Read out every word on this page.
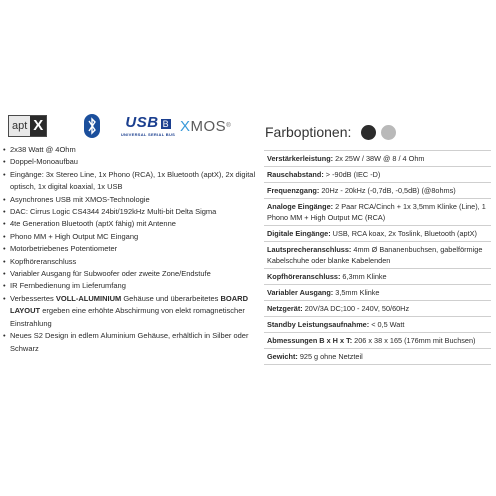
apt X	USB B
UNIVERSAL SERIAL BUS X MOS ®
• 2x38 Watt @ 4Ohm
• Doppel-Monoaufbau
• Eingänge: 3x Stereo Line, 1x Phono (RCA), 1x Bluetooth (aptX), 2x digital optisch, 1x digital koaxial, 1x USB
• Asynchrones USB mit XMOS-Technologie
• DAC: Cirrus Logic CS4344 24bit/192kHz Multi-bit Delta Sigma
• 4te Generation Bluetooth (aptX fähig) mit Antenne
• Phono MM + High Output MC Eingang
• Motorbetriebenes Potentiometer
• Kopfhöreranschluss
• Variabler Ausgang für Subwoofer oder zweite Zone/Endstufe
• IR Fernbedienung im Lieferumfang
• Verbessertes VOLL-ALUMINIUM Gehäuse und überarbeitetes BOARD LAYOUT ergeben eine erhöhte Abschirmung von elekt romagnetischer Einstrahlung
• Neues S2 Design in edlem Aluminium Gehäuse, erhältlich in Silber oder Schwarz
Farboptionen:
Verstärkerleistung: 2x 25W / 38W @ 8 / 4 Ohm
Rauschabstand: > -90dB (IEC -D)
Frequenzgang: 20Hz - 20kHz (-0,7dB, -0,5dB) (@8ohms)
Analoge Eingänge: 2 Paar RCA/Cinch + 1x 3,5mm Klinke (Line), 1 Phono MM + High Output MC (RCA)
Digitale Eingänge: USB, RCA koax, 2x Toslink, Bluetooth (aptX)
Lautsprecheranschluss: 4mm Ø Bananenbuchsen, gabelförmige Kabelschuhe oder blanke Kabelenden
Kopfhöreranschluss: 6,3mm Klinke
Variabler Ausgang: 3,5mm Klinke
Netzgerät: 20V/3A DC;100 - 240V, 50/60Hz
Standby Leistungsaufnahme: < 0,5 Watt
Abmessungen B x H x T: 206 x 38 x 165 (176mm mit Buchsen)
Gewicht: 925 g ohne Netzteil
